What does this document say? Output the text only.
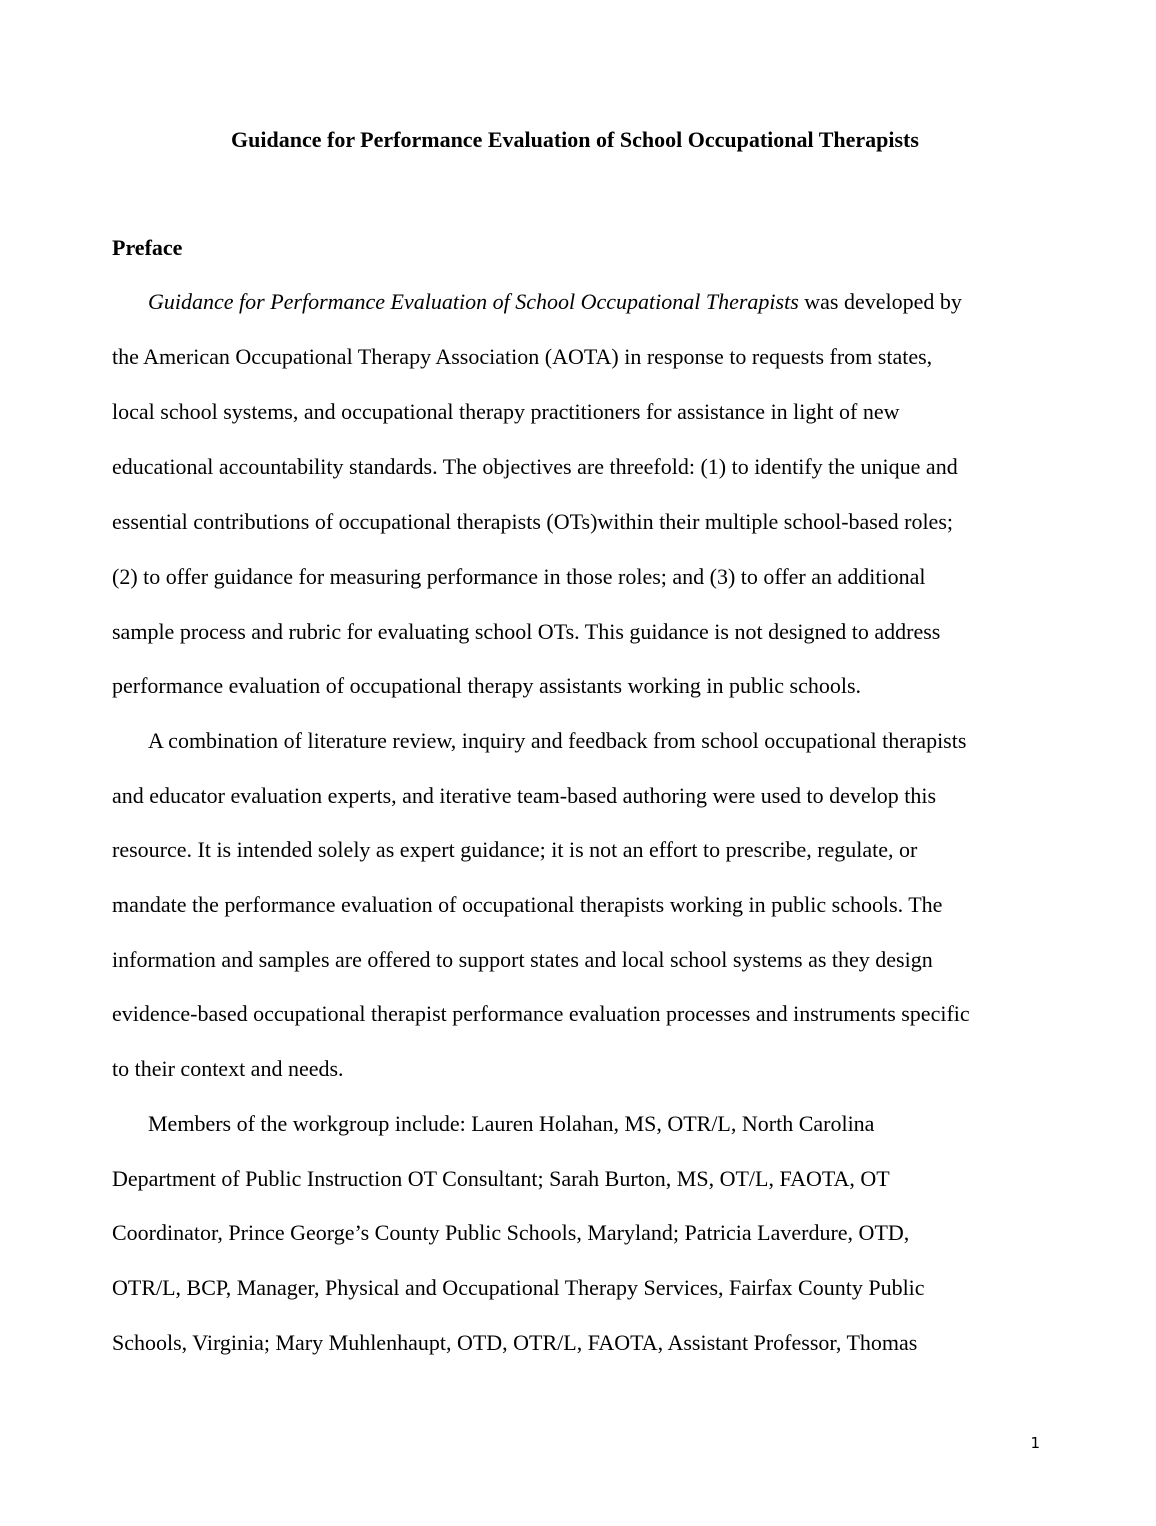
Guidance for Performance Evaluation of School Occupational Therapists
Preface

Guidance for Performance Evaluation of School Occupational Therapists was developed by

the American Occupational Therapy Association (AOTA) in response to requests from states,

local school systems, and occupational therapy practitioners for assistance in light of new

educational accountability standards. The objectives are threefold: (1) to identify the unique and

essential contributions of occupational therapists (OTs)within their multiple school-based roles;

(2) to offer guidance for measuring performance in those roles; and (3) to offer an additional

sample process and rubric for evaluating school OTs. This guidance is not designed to address

performance evaluation of occupational therapy assistants working in public schools.

A combination of literature review, inquiry and feedback from school occupational therapists

and educator evaluation experts, and iterative team-based authoring were used to develop this

resource. It is intended solely as expert guidance; it is not an effort to prescribe, regulate, or

mandate the performance evaluation of occupational therapists working in public schools. The

information and samples are offered to support states and local school systems as they design

evidence-based occupational therapist performance evaluation processes and instruments specific

to their context and needs.

Members of the workgroup include: Lauren Holahan, MS, OTR/L, North Carolina

Department of Public Instruction OT Consultant; Sarah Burton, MS, OT/L, FAOTA, OT

Coordinator, Prince George’s County Public Schools, Maryland; Patricia Laverdure, OTD,

OTR/L, BCP, Manager, Physical and Occupational Therapy Services, Fairfax County Public

Schools, Virginia; Mary Muhlenhaupt, OTD, OTR/L, FAOTA, Assistant Professor, Thomas

1
